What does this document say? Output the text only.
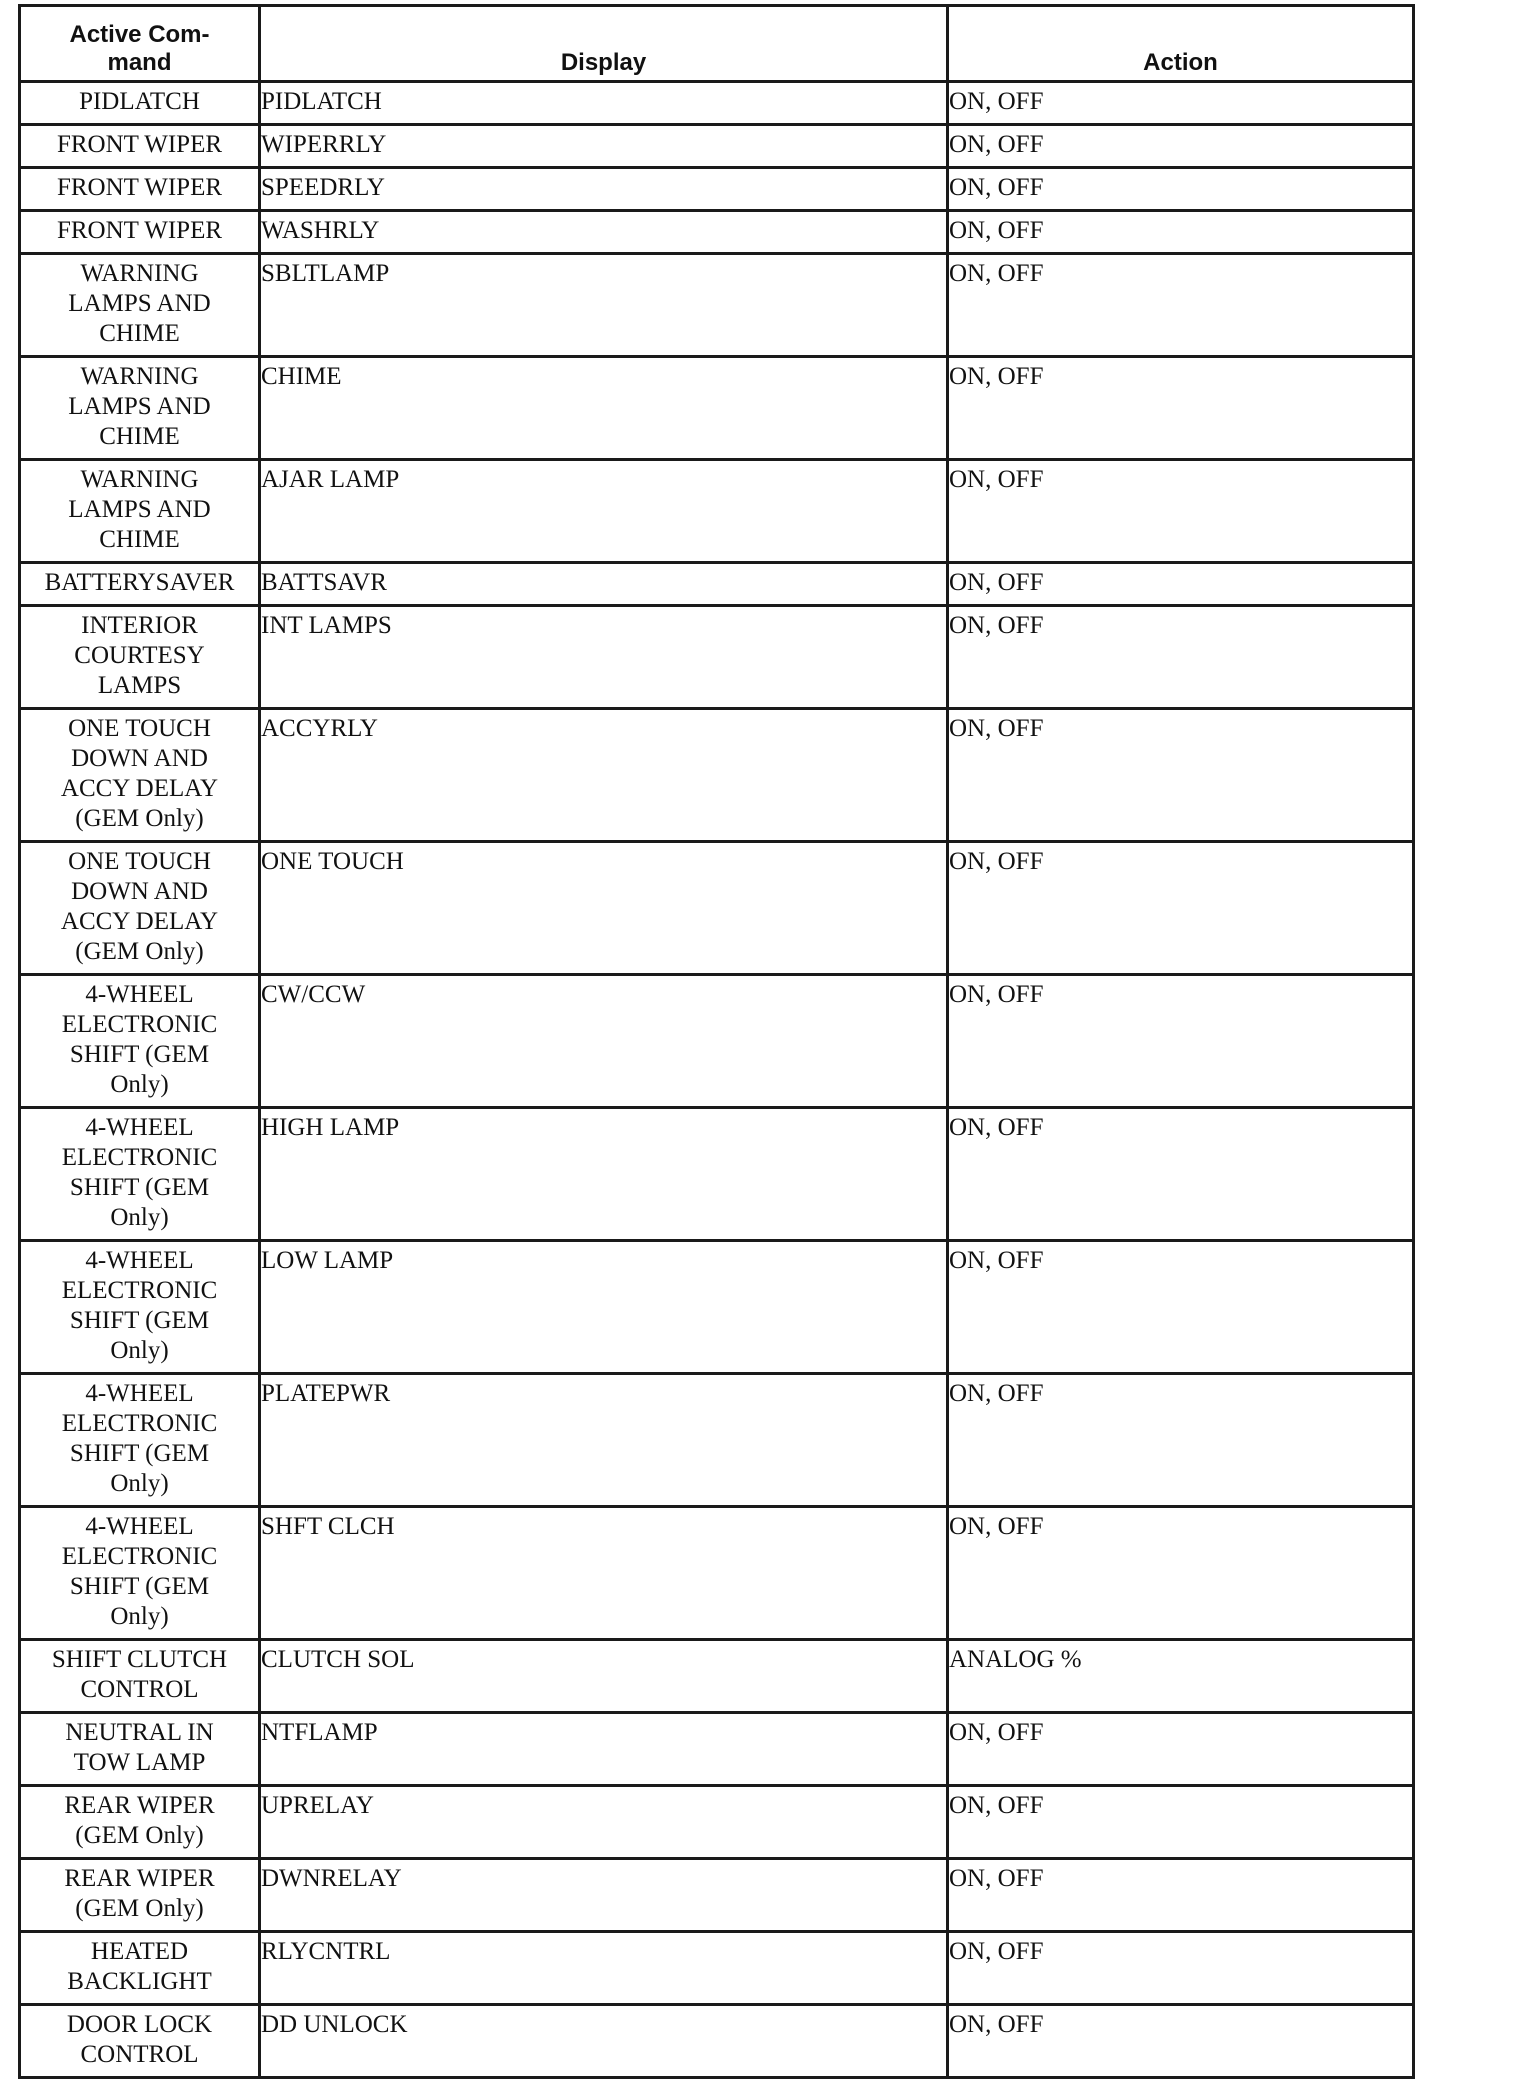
Active Com-
mand	Display	Action

PIDLATCH	PIDLATCH	ON, OFF

FRONT WIPER	WIPERRLY	ON, OFF

FRONT WIPER	SPEEDRLY	ON, OFF

FRONT WIPER	WASHRLY	ON, OFF

WARNING
LAMPS AND
CHIME	SBLTLAMP	ON, OFF

WARNING
LAMPS AND
CHIME	CHIME	ON, OFF

WARNING
LAMPS AND
CHIME	AJAR LAMP	ON, OFF

BATTERYSAVER	BATTSAVR	ON, OFF

INTERIOR
COURTESY
LAMPS	INT LAMPS	ON, OFF

ONE TOUCH
DOWN AND
ACCY DELAY
(GEM Only)	ACCYRLY	ON, OFF

ONE TOUCH
DOWN AND
ACCY DELAY
(GEM Only)	ONE TOUCH	ON, OFF

4-WHEEL
ELECTRONIC
SHIFT (GEM
Only)	CW/CCW	ON, OFF

4-WHEEL
ELECTRONIC
SHIFT (GEM
Only)	HIGH LAMP	ON, OFF

4-WHEEL
ELECTRONIC
SHIFT (GEM
Only)	LOW LAMP	ON, OFF

4-WHEEL
ELECTRONIC
SHIFT (GEM
Only)	PLATEPWR	ON, OFF

4-WHEEL
ELECTRONIC
SHIFT (GEM
Only)	SHFT CLCH	ON, OFF

SHIFT CLUTCH
CONTROL	CLUTCH SOL	ANALOG %

NEUTRAL IN
TOW LAMP	NTFLAMP	ON, OFF

REAR WIPER
(GEM Only)	UPRELAY	ON, OFF

REAR WIPER
(GEM Only)	DWNRELAY	ON, OFF

HEATED
BACKLIGHT	RLYCNTRL	ON, OFF

DOOR LOCK
CONTROL	DD UNLOCK	ON, OFF
